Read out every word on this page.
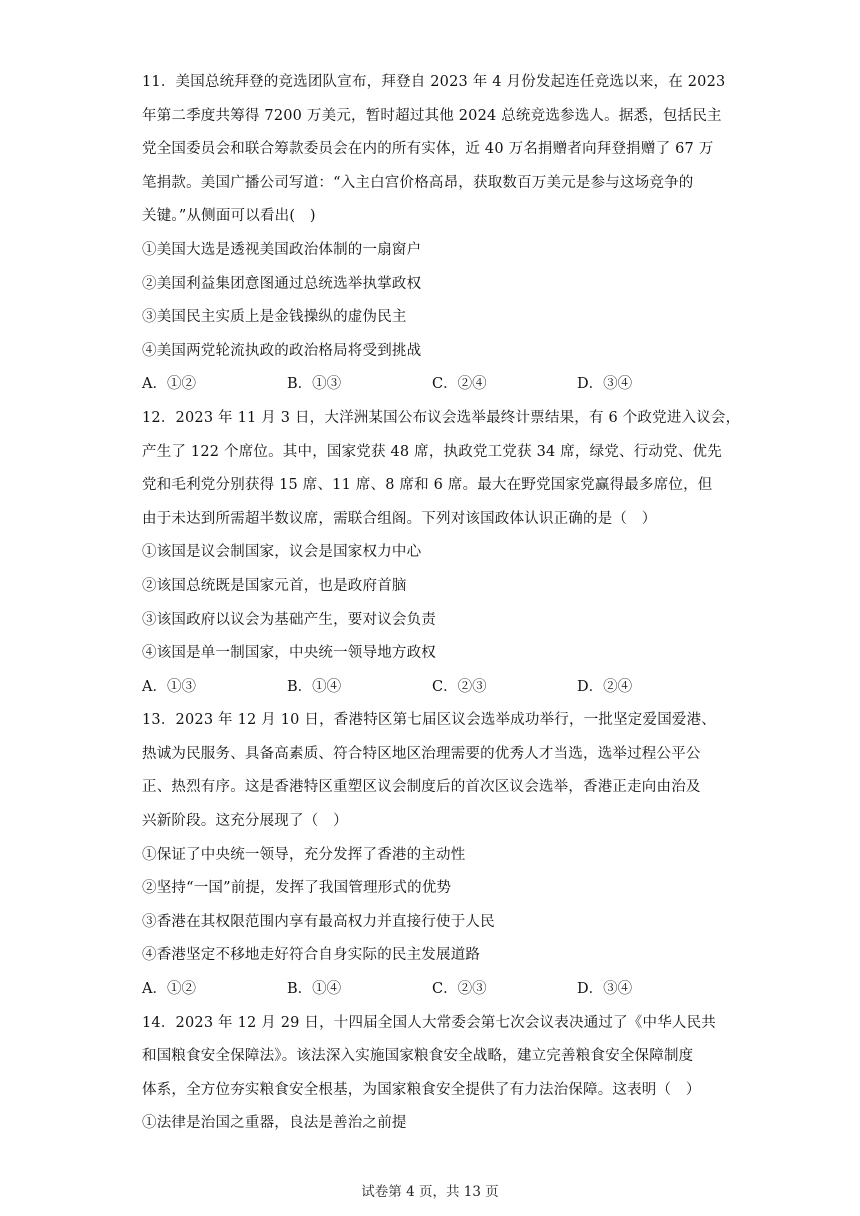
11．美国总统拜登的竞选团队宣布，拜登自 2023 年 4 月份发起连任竞选以来，在 2023
年第二季度共筹得 7200 万美元，暂时超过其他 2024 总统竞选参选人。据悉，包括民主
党全国委员会和联合筹款委员会在内的所有实体，近 40 万名捐赠者向拜登捐赠了 67 万
笔捐款。美国广播公司写道：“入主白宫价格高昂，获取数百万美元是参与这场竞争的
关键。”从侧面可以看出(　)
①美国大选是透视美国政治体制的一扇窗户
②美国利益集团意图通过总统选举执掌政权
③美国民主实质上是金钱操纵的虚伪民主
④美国两党轮流执政的政治格局将受到挑战
A．①②	B．①③	C．②④	D．③④
12．2023 年 11 月 3 日，大洋洲某国公布议会选举最终计票结果，有 6 个政党进入议会，
产生了 122 个席位。其中，国家党获 48 席，执政党工党获 34 席，绿党、行动党、优先
党和毛利党分别获得 15 席、11 席、8 席和 6 席。最大在野党国家党赢得最多席位，但
由于未达到所需超半数议席，需联合组阁。下列对该国政体认识正确的是（　）
①该国是议会制国家，议会是国家权力中心
②该国总统既是国家元首，也是政府首脑
③该国政府以议会为基础产生，要对议会负责
④该国是单一制国家，中央统一领导地方政权
A．①③	B．①④	C．②③	D．②④
13．2023 年 12 月 10 日，香港特区第七届区议会选举成功举行，一批坚定爱国爱港、
热诚为民服务、具备高素质、符合特区地区治理需要的优秀人才当选，选举过程公平公
正、热烈有序。这是香港特区重塑区议会制度后的首次区议会选举，香港正走向由治及
兴新阶段。这充分展现了（　）
①保证了中央统一领导，充分发挥了香港的主动性
②坚持“一国”前提，发挥了我国管理形式的优势
③香港在其权限范围内享有最高权力并直接行使于人民
④香港坚定不移地走好符合自身实际的民主发展道路
A．①②	B．①④	C．②③	D．③④
14．2023 年 12 月 29 日，十四届全国人大常委会第七次会议表决通过了《中华人民共
和国粮食安全保障法》。该法深入实施国家粮食安全战略，建立完善粮食安全保障制度
体系，全方位夯实粮食安全根基，为国家粮食安全提供了有力法治保障。这表明（　）
①法律是治国之重器，良法是善治之前提
试卷第 4 页，共 13 页
